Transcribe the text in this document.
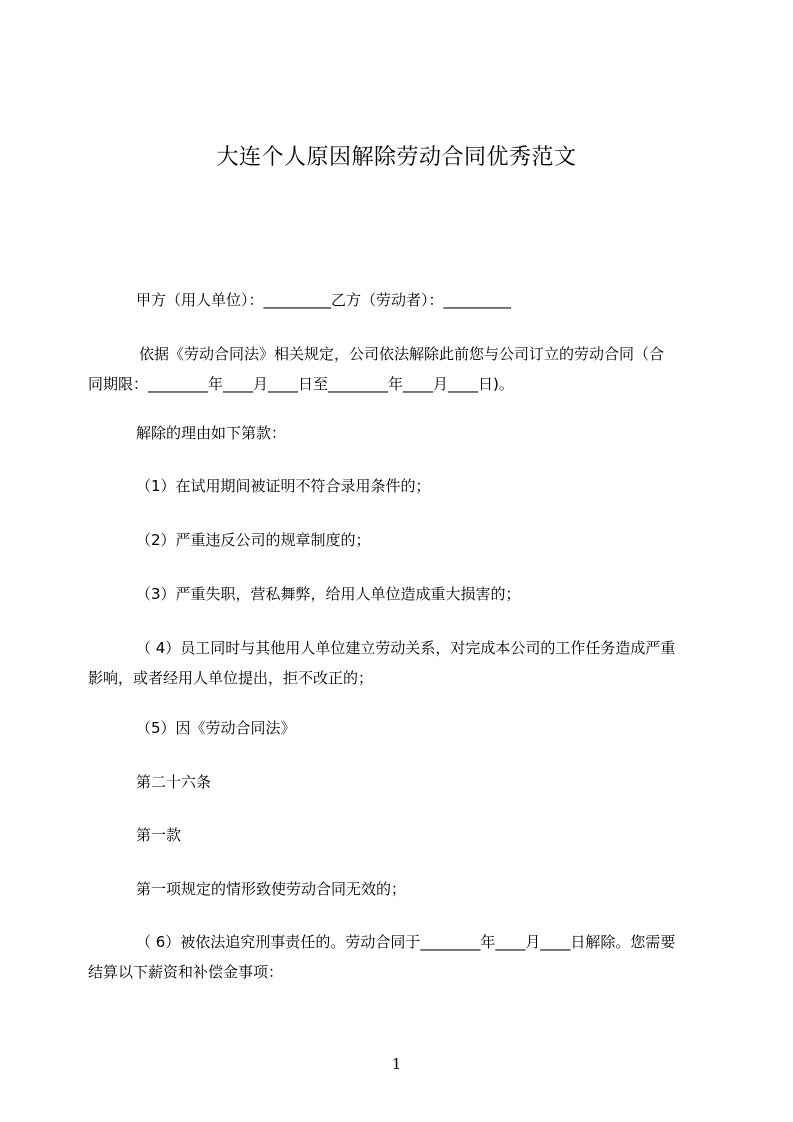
大连个人原因解除劳动合同优秀范文

甲方（用人单位）：_________乙方（劳动者）：_________

依据《劳动合同法》相关规定，公司依法解除此前您与公司订立的劳动合同（合
同期限：________年____月____日至________年____月____日)。

解除的理由如下第款：

（1）在试用期间被证明不符合录用条件的；

（2）严重违反公司的规章制度的；

（3）严重失职，营私舞弊，给用人单位造成重大损害的；

（ 4）员工同时与其他用人单位建立劳动关系，对完成本公司的工作任务造成严重
影响，或者经用人单位提出，拒不改正的；

（5）因《劳动合同法》

第二十六条

第一款

第一项规定的情形致使劳动合同无效的；

（ 6）被依法追究刑事责任的。劳动合同于________年____月____日解除。您需要
结算以下薪资和补偿金事项：

1
